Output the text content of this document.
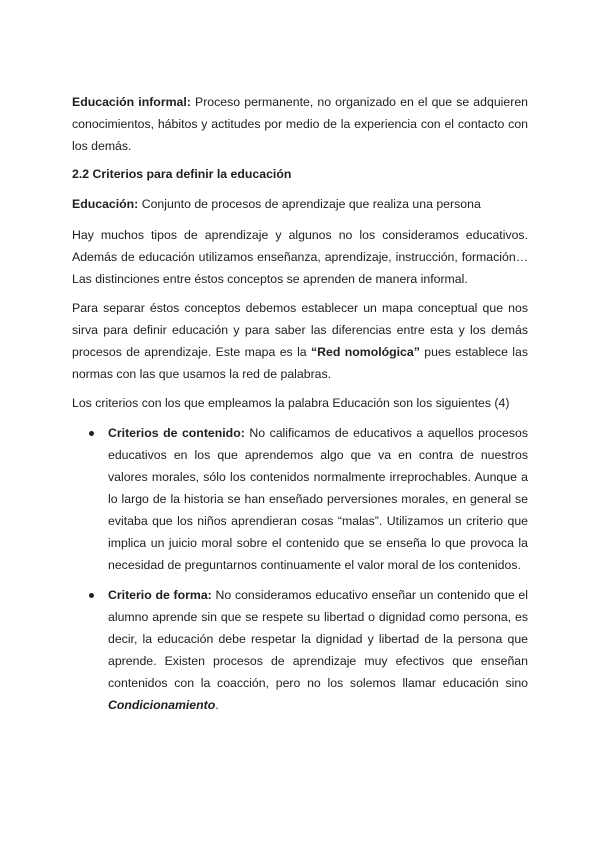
Educación informal: Proceso permanente, no organizado en el que se adquieren conocimientos, hábitos y actitudes por medio de la experiencia con el contacto con los demás.

2.2 Criterios para definir la educación

Educación: Conjunto de procesos de aprendizaje que realiza una persona

Hay muchos tipos de aprendizaje y algunos no los consideramos educativos. Además de educación utilizamos enseñanza, aprendizaje, instrucción, formación… Las distinciones entre éstos conceptos se aprenden de manera informal.

Para separar éstos conceptos debemos establecer un mapa conceptual que nos sirva para definir educación y para saber las diferencias entre esta y los demás procesos de aprendizaje. Este mapa es la “Red nomológica” pues establece las normas con las que usamos la red de palabras.

Los criterios con los que empleamos la palabra Educación son los siguientes (4)

Criterios de contenido: No calificamos de educativos a aquellos procesos educativos en los que aprendemos algo que va en contra de nuestros valores morales, sólo los contenidos normalmente irreprochables. Aunque a lo largo de la historia se han enseñado perversiones morales, en general se evitaba que los niños aprendieran cosas “malas”. Utilizamos un criterio que implica un juicio moral sobre el contenido que se enseña lo que provoca la necesidad de preguntarnos continuamente el valor moral de los contenidos.
Criterio de forma: No consideramos educativo enseñar un contenido que el alumno aprende sin que se respete su libertad o dignidad como persona, es decir, la educación debe respetar la dignidad y libertad de la persona que aprende. Existen procesos de aprendizaje muy efectivos que enseñan contenidos con la coacción, pero no los solemos llamar educación sino Condicionamiento.
